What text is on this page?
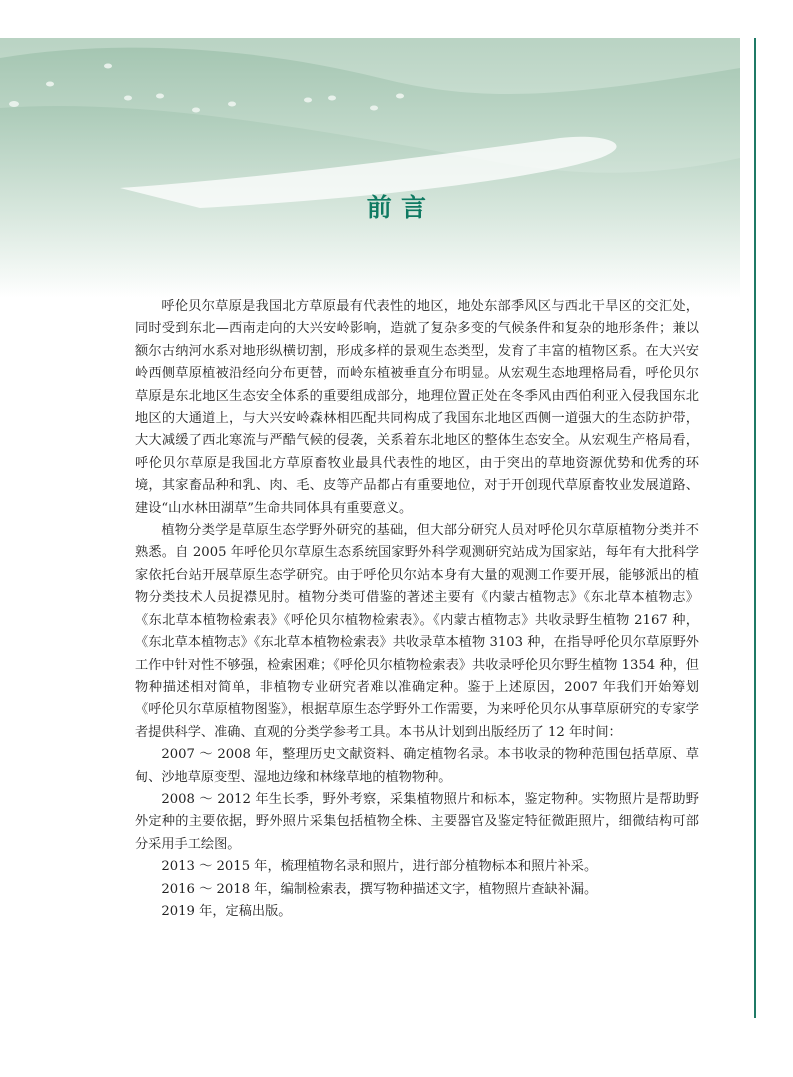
前 言

呼伦贝尔草原是我国北方草原最有代表性的地区，地处东部季风区与西北干旱区的交汇处，同时受到东北—西南走向的大兴安岭影响，造就了复杂多变的气候条件和复杂的地形条件；兼以额尔古纳河水系对地形纵横切割，形成多样的景观生态类型，发育了丰富的植物区系。在大兴安岭西侧草原植被沿经向分布更替，而岭东植被垂直分布明显。从宏观生态地理格局看，呼伦贝尔草原是东北地区生态安全体系的重要组成部分，地理位置正处在冬季风由西伯利亚入侵我国东北地区的大通道上，与大兴安岭森林相匹配共同构成了我国东北地区西侧一道强大的生态防护带，大大减缓了西北寒流与严酷气候的侵袭，关系着东北地区的整体生态安全。从宏观生产格局看，呼伦贝尔草原是我国北方草原畜牧业最具代表性的地区，由于突出的草地资源优势和优秀的环境，其家畜品种和乳、肉、毛、皮等产品都占有重要地位，对于开创现代草原畜牧业发展道路、建设“山水林田湖草”生命共同体具有重要意义。

植物分类学是草原生态学野外研究的基础，但大部分研究人员对呼伦贝尔草原植物分类并不熟悉。自 2005 年呼伦贝尔草原生态系统国家野外科学观测研究站成为国家站，每年有大批科学家依托台站开展草原生态学研究。由于呼伦贝尔站本身有大量的观测工作要开展，能够派出的植物分类技术人员捉襟见肘。植物分类可借鉴的著述主要有《内蒙古植物志》《东北草本植物志》《东北草本植物检索表》《呼伦贝尔植物检索表》。《内蒙古植物志》共收录野生植物 2167 种，《东北草本植物志》《东北草本植物检索表》共收录草本植物 3103 种，在指导呼伦贝尔草原野外工作中针对性不够强，检索困难；《呼伦贝尔植物检索表》共收录呼伦贝尔野生植物 1354 种，但物种描述相对简单，非植物专业研究者难以准确定种。鉴于上述原因，2007 年我们开始筹划《呼伦贝尔草原植物图鉴》，根据草原生态学野外工作需要，为来呼伦贝尔从事草原研究的专家学者提供科学、准确、直观的分类学参考工具。本书从计划到出版经历了 12 年时间：

2007 ～ 2008 年，整理历史文献资料、确定植物名录。本书收录的物种范围包括草原、草甸、沙地草原变型、湿地边缘和林缘草地的植物物种。

2008 ～ 2012 年生长季，野外考察，采集植物照片和标本，鉴定物种。实物照片是帮助野外定种的主要依据，野外照片采集包括植物全株、主要器官及鉴定特征微距照片，细微结构可部分采用手工绘图。

2013 ～ 2015 年，梳理植物名录和照片，进行部分植物标本和照片补采。

2016 ～ 2018 年，编制检索表，撰写物种描述文字，植物照片查缺补漏。

2019 年，定稿出版。
